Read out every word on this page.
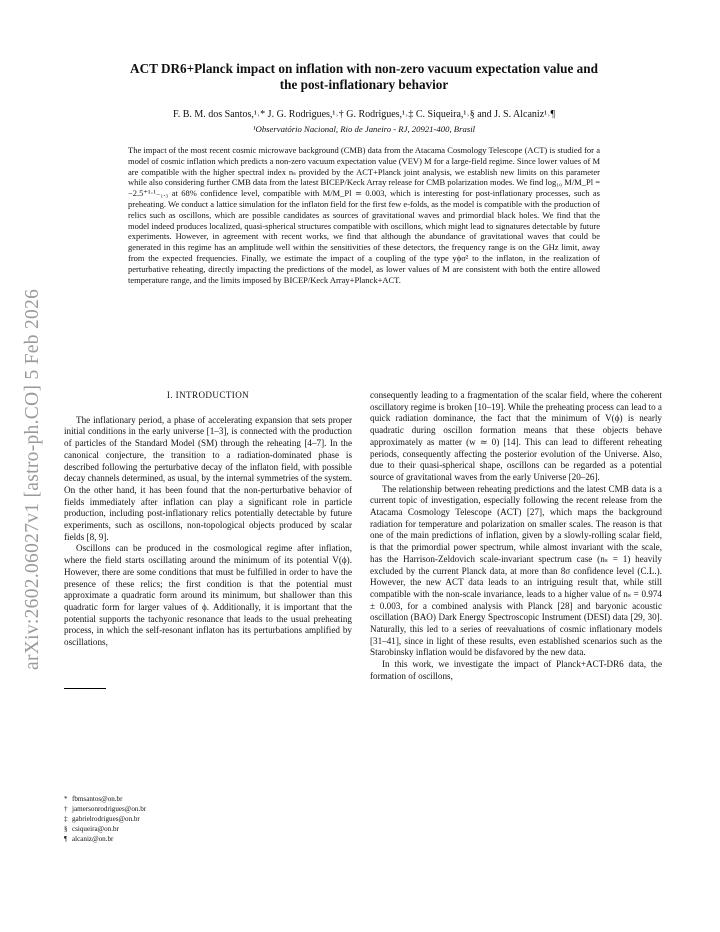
arXiv:2602.06027v1 [astro-ph.CO] 5 Feb 2026
ACT DR6+Planck impact on inflation with non-zero vacuum expectation value and
the post-inflationary behavior
F. B. M. dos Santos,¹˒* J. G. Rodrigues,¹˒† G. Rodrigues,¹˒‡ C. Siqueira,¹˒§ and J. S. Alcaniz¹˒¶
¹Observatório Nacional, Rio de Janeiro - RJ, 20921-400, Brasil
The impact of the most recent cosmic microwave background (CMB) data from the Atacama Cosmology Telescope (ACT) is studied for a model of cosmic inflation which predicts a non-zero vacuum expectation value (VEV) M for a large-field regime. Since lower values of M are compatible with the higher spectral index nₛ provided by the ACT+Planck joint analysis, we establish new limits on this parameter while also considering further CMB data from the latest BICEP/Keck Array release for CMB polarization modes. We find log₁₀ M/M_Pl = −2.5⁺¹·¹₋₁.₃ at 68% confidence level, compatible with M/M_Pl ≃ 0.003, which is interesting for post-inflationary processes, such as preheating. We conduct a lattice simulation for the inflaton field for the first few e-folds, as the model is compatible with the production of relics such as oscillons, which are possible candidates as sources of gravitational waves and primordial black holes. We find that the model indeed produces localized, quasi-spherical structures compatible with oscillons, which might lead to signatures detectable by future experiments. However, in agreement with recent works, we find that although the abundance of gravitational waves that could be generated in this regime has an amplitude well within the sensitivities of these detectors, the frequency range is on the GHz limit, away from the expected frequencies. Finally, we estimate the impact of a coupling of the type yϕσ² to the inflaton, in the realization of perturbative reheating, directly impacting the predictions of the model, as lower values of M are consistent with both the entire allowed temperature range, and the limits imposed by BICEP/Keck Array+Planck+ACT.
I. INTRODUCTION

The inflationary period, a phase of accelerating expansion that sets proper initial conditions in the early universe [1–3], is connected with the production of particles of the Standard Model (SM) through the reheating [4–7]. In the canonical conjecture, the transition to a radiation-dominated phase is described following the perturbative decay of the inflaton field, with possible decay channels determined, as usual, by the internal symmetries of the system. On the other hand, it has been found that the non-perturbative behavior of fields immediately after inflation can play a significant role in particle production, including post-inflationary relics potentially detectable by future experiments, such as oscillons, non-topological objects produced by scalar fields [8, 9].

Oscillons can be produced in the cosmological regime after inflation, where the field starts oscillating around the minimum of its potential V(ϕ). However, there are some conditions that must be fulfilled in order to have the presence of these relics; the first condition is that the potential must approximate a quadratic form around its minimum, but shallower than this quadratic form for larger values of ϕ. Additionally, it is important that the potential supports the tachyonic resonance that leads to the usual preheating process, in which the self-resonant inflaton has its perturbations amplified by oscillations,

consequently leading to a fragmentation of the scalar field, where the coherent oscillatory regime is broken [10–19]. While the preheating process can lead to a quick radiation dominance, the fact that the minimum of V(ϕ) is nearly quadratic during oscillon formation means that these objects behave approximately as matter (w ≃ 0) [14]. This can lead to different reheating periods, consequently affecting the posterior evolution of the Universe. Also, due to their quasi-spherical shape, oscillons can be regarded as a potential source of gravitational waves from the early Universe [20–26].

The relationship between reheating predictions and the latest CMB data is a current topic of investigation, especially following the recent release from the Atacama Cosmology Telescope (ACT) [27], which maps the background radiation for temperature and polarization on smaller scales. The reason is that one of the main predictions of inflation, given by a slowly-rolling scalar field, is that the primordial power spectrum, while almost invariant with the scale, has the Harrison-Zeldovich scale-invariant spectrum case (nₛ = 1) heavily excluded by the current Planck data, at more than 8σ confidence level (C.L.). However, the new ACT data leads to an intriguing result that, while still compatible with the non-scale invariance, leads to a higher value of nₛ = 0.974 ± 0.003, for a combined analysis with Planck [28] and baryonic acoustic oscillation (BAO) Dark Energy Spectroscopic Instrument (DESI) data [29, 30]. Naturally, this led to a series of reevaluations of cosmic inflationary models [31–41], since in light of these results, even established scenarios such as the Starobinsky inflation would be disfavored by the new data.

In this work, we investigate the impact of Planck+ACT-DR6 data, the formation of oscillons,

* fbmsantos@on.br
† jamersonrodrigues@on.br
‡ gabrielrodrigues@on.br
§ csiqueira@on.br
¶ alcaniz@on.br
